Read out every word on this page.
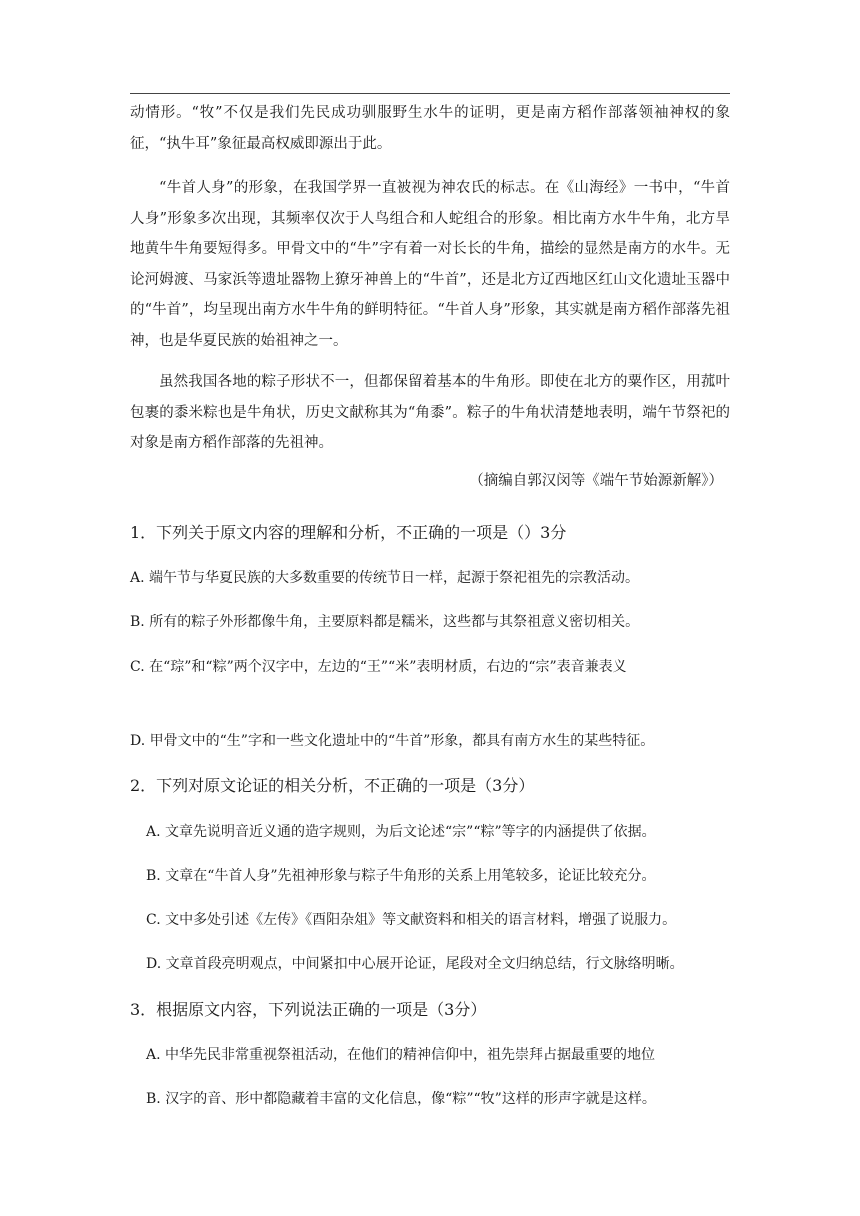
动情形。“牧”不仅是我们先民成功驯服野生水牛的证明，更是南方稻作部落领袖神权的象征，“执牛耳”象征最高权威即源出于此。

“牛首人身”的形象，在我国学界一直被视为神农氏的标志。在《山海经》一书中，“牛首人身”形象多次出现，其频率仅次于人鸟组合和人蛇组合的形象。相比南方水牛牛角，北方旱地黄牛牛角要短得多。甲骨文中的“牛”字有着一对长长的牛角，描绘的显然是南方的水牛。无论河姆渡、马家浜等遗址器物上獠牙神兽上的“牛首”，还是北方辽西地区红山文化遗址玉器中的“牛首”，均呈现出南方水牛牛角的鲜明特征。“牛首人身”形象，其实就是南方稻作部落先祖神，也是华夏民族的始祖神之一。

虽然我国各地的粽子形状不一，但都保留着基本的牛角形。即使在北方的粟作区，用菰叶包裹的黍米粽也是牛角状，历史文献称其为“角黍”。粽子的牛角状清楚地表明，端午节祭祀的对象是南方稻作部落的先祖神。

（摘编自郭汉闵等《端午节始源新解》）

1．下列关于原文内容的理解和分析，不正确的一项是（）3分

A. 端午节与华夏民族的大多数重要的传统节日一样，起源于祭祀祖先的宗教活动。

B. 所有的粽子外形都像牛角，主要原料都是糯米，这些都与其祭祖意义密切相关。

C. 在“琮”和“粽”两个汉字中，左边的“王”“米”表明材质，右边的“宗”表音兼表义

D. 甲骨文中的“生”字和一些文化遗址中的“牛首”形象，都具有南方水生的某些特征。

2．下列对原文论证的相关分析，不正确的一项是（3分）

A. 文章先说明音近义通的造字规则，为后文论述“宗”“粽”等字的内涵提供了依据。

B. 文章在“牛首人身”先祖神形象与粽子牛角形的关系上用笔较多，论证比较充分。

C. 文中多处引述《左传》《酉阳杂俎》等文献资料和相关的语言材料，增强了说服力。

D. 文章首段亮明观点，中间紧扣中心展开论证，尾段对全文归纳总结，行文脉络明晰。

3．根据原文内容，下列说法正确的一项是（3分）

A. 中华先民非常重视祭祖活动，在他们的精神信仰中，祖先崇拜占据最重要的地位

B. 汉字的音、形中都隐藏着丰富的文化信息，像“粽”“牧”这样的形声字就是这样。
